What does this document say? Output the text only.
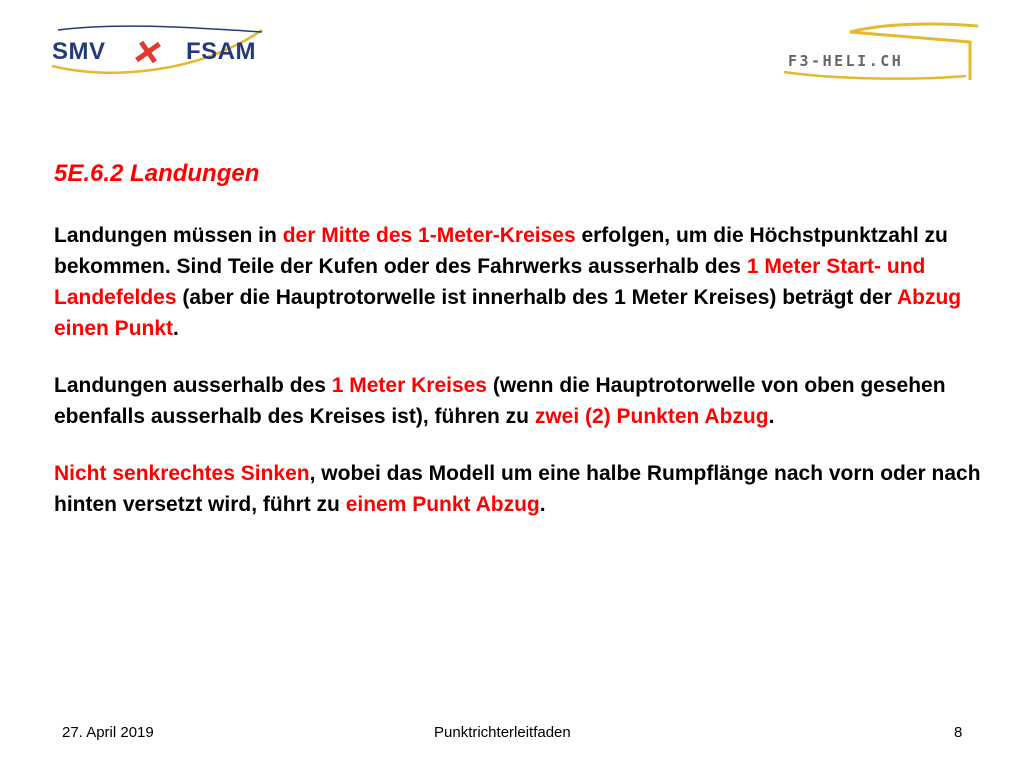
SMV	FSAM	F3-HELI.CH
5E.6.2 Landungen

Landungen müssen in der Mitte des 1-Meter-Kreises erfolgen, um die Höchstpunktzahl zu bekommen. Sind Teile der Kufen oder des Fahrwerks ausserhalb des 1 Meter Start- und Landefeldes (aber die Hauptrotorwelle ist innerhalb des 1 Meter Kreises) beträgt der Abzug einen Punkt.

Landungen ausserhalb des 1 Meter Kreises (wenn die Hauptrotorwelle von oben gesehen ebenfalls ausserhalb des Kreises ist), führen zu zwei (2) Punkten Abzug.

Nicht senkrechtes Sinken, wobei das Modell um eine halbe Rumpflänge nach vorn oder nach hinten versetzt wird, führt zu einem Punkt Abzug.

27. April 2019	Punktrichterleitfaden	8
